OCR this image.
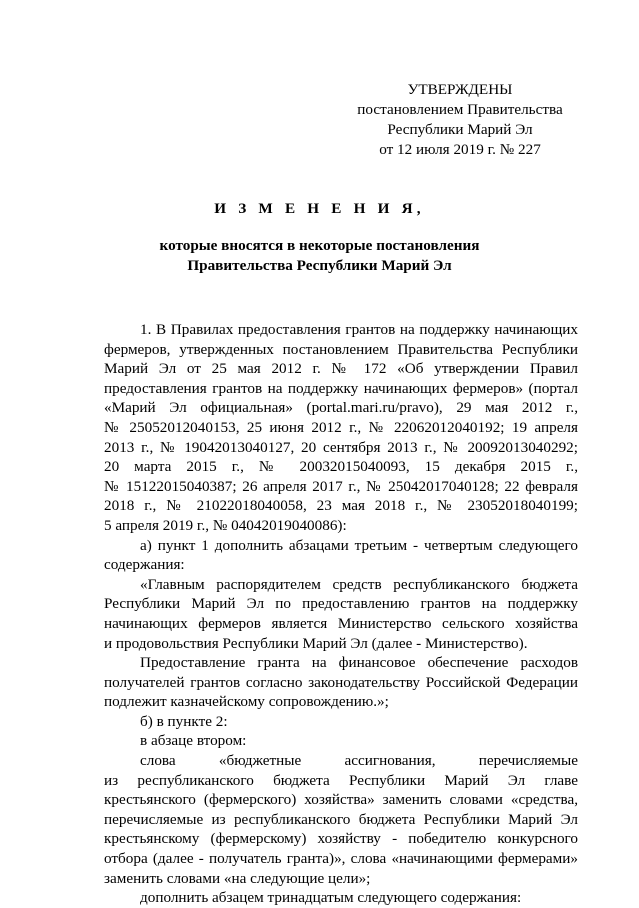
УТВЕРЖДЕНЫ
постановлением Правительства
Республики Марий Эл
от 12 июля 2019 г. № 227
И З М Е Н Е Н И Я,
которые вносятся в некоторые постановления
Правительства Республики Марий Эл

1. В Правилах предоставления грантов на поддержку начинающих
фермеров, утвержденных постановлением Правительства Республики
Марий Эл от 25 мая 2012 г. № 172 «Об утверждении Правил
предоставления грантов на поддержку начинающих фермеров» (портал
«Марий Эл официальная» (portal.mari.ru/pravo), 29 мая 2012 г.,
№ 25052012040153, 25 июня 2012 г., № 22062012040192; 19 апреля
2013 г., № 19042013040127, 20 сентября 2013 г., № 20092013040292;
20 марта 2015 г., № 20032015040093, 15 декабря 2015 г.,
№ 15122015040387; 26 апреля 2017 г., № 25042017040128; 22 февраля
2018 г., № 21022018040058, 23 мая 2018 г., № 23052018040199;
5 апреля 2019 г., № 04042019040086):

а) пункт 1 дополнить абзацами третьим - четвертым следующего
содержания:

«Главным распорядителем средств республиканского бюджета
Республики Марий Эл по предоставлению грантов на поддержку
начинающих фермеров является Министерство сельского хозяйства
и продовольствия Республики Марий Эл (далее - Министерство).

Предоставление гранта на финансовое обеспечение расходов
получателей грантов согласно законодательству Российской Федерации
подлежит казначейскому сопровождению.»;

б) в пункте 2:

в абзаце втором:

слова «бюджетные ассигнования, перечисляемые
из республиканского бюджета Республики Марий Эл главе
крестьянского (фермерского) хозяйства» заменить словами «средства,
перечисляемые из республиканского бюджета Республики Марий Эл
крестьянскому (фермерскому) хозяйству - победителю конкурсного
отбора (далее - получатель гранта)», слова «начинающими фермерами»
заменить словами «на следующие цели»;

дополнить абзацем тринадцатым следующего содержания:
